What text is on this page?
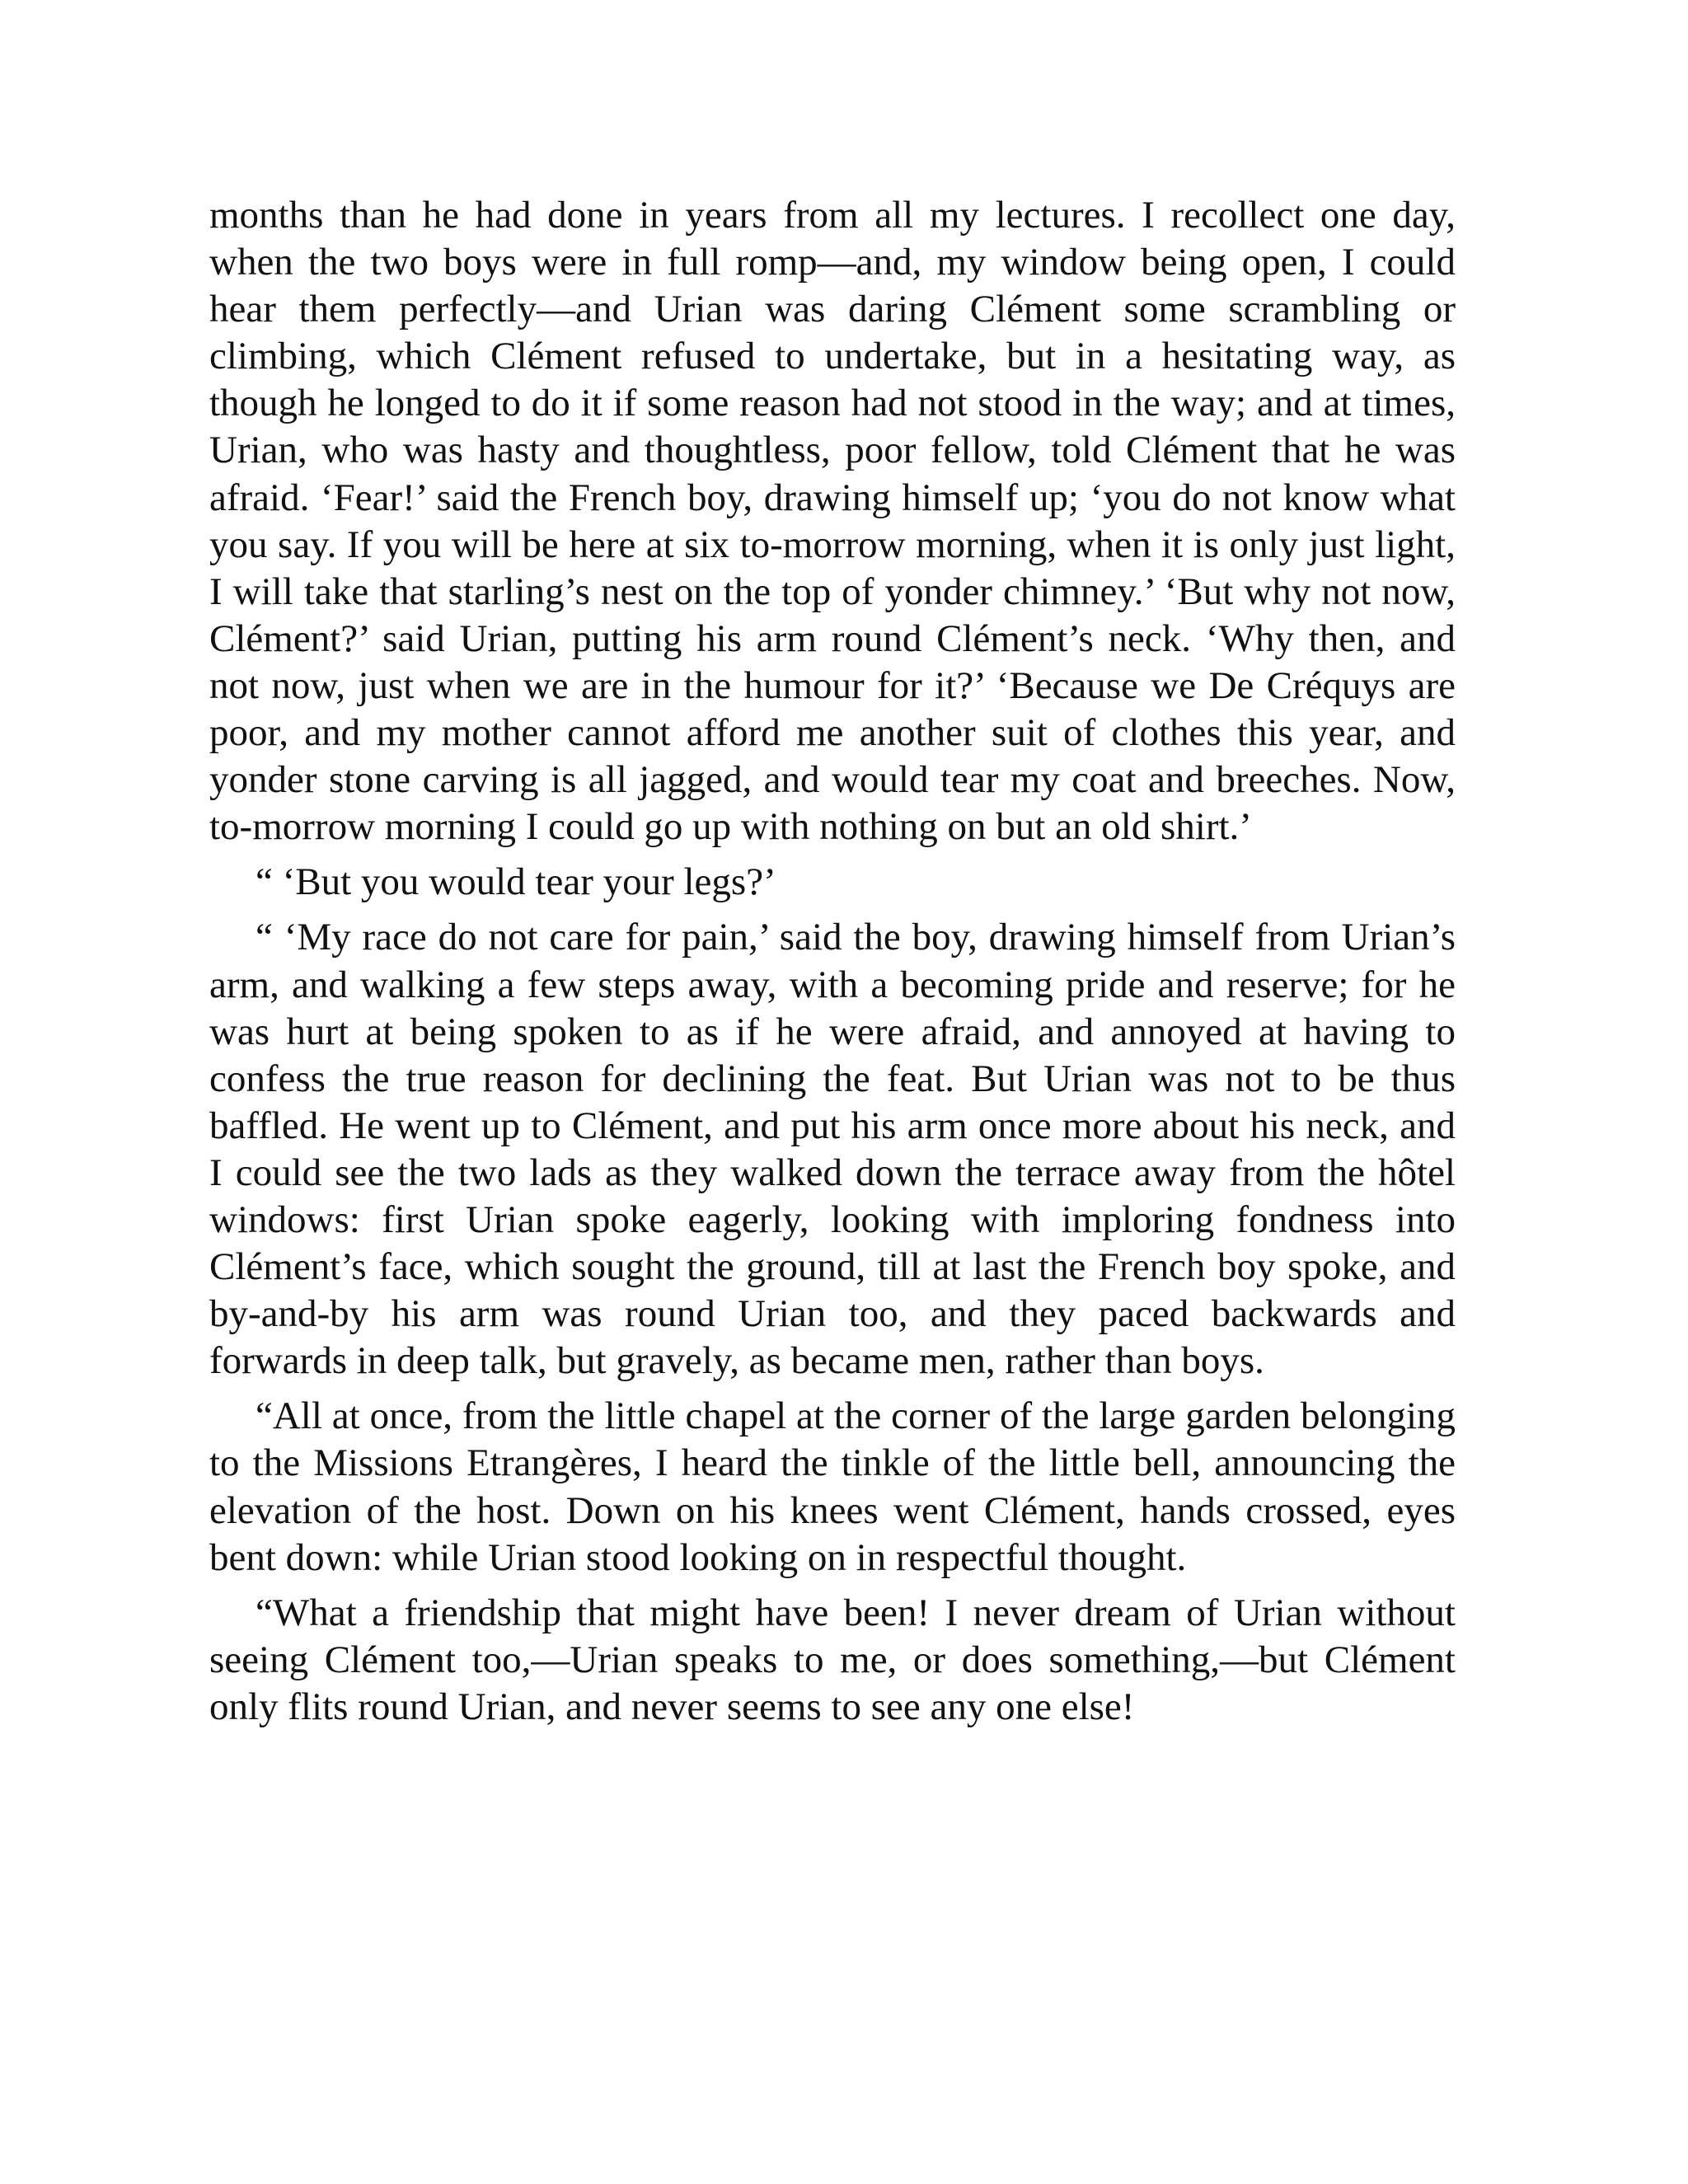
months than he had done in years from all my lectures. I recollect one day, when the two boys were in full romp—and, my window being open, I could hear them perfectly—and Urian was daring Clément some scrambling or climbing, which Clément refused to undertake, but in a hesitating way, as though he longed to do it if some reason had not stood in the way; and at times, Urian, who was hasty and thoughtless, poor fellow, told Clément that he was afraid. ‘Fear!’ said the French boy, drawing himself up; ‘you do not know what you say. If you will be here at six to-morrow morning, when it is only just light, I will take that starling’s nest on the top of yonder chimney.’ ‘But why not now, Clément?’ said Urian, putting his arm round Clément’s neck. ‘Why then, and not now, just when we are in the humour for it?’ ‘Because we De Créquys are poor, and my mother cannot afford me another suit of clothes this year, and yonder stone carving is all jagged, and would tear my coat and breeches. Now, to-morrow morning I could go up with nothing on but an old shirt.’

“ ‘But you would tear your legs?’

“ ‘My race do not care for pain,’ said the boy, drawing himself from Urian’s arm, and walking a few steps away, with a becoming pride and reserve; for he was hurt at being spoken to as if he were afraid, and annoyed at having to confess the true reason for declining the feat. But Urian was not to be thus baffled. He went up to Clément, and put his arm once more about his neck, and I could see the two lads as they walked down the terrace away from the hôtel windows: first Urian spoke eagerly, looking with imploring fondness into Clément’s face, which sought the ground, till at last the French boy spoke, and by-and-by his arm was round Urian too, and they paced backwards and forwards in deep talk, but gravely, as became men, rather than boys.

“All at once, from the little chapel at the corner of the large garden belonging to the Missions Etrangères, I heard the tinkle of the little bell, announcing the elevation of the host. Down on his knees went Clément, hands crossed, eyes bent down: while Urian stood looking on in respectful thought.

“What a friendship that might have been! I never dream of Urian without seeing Clément too,—Urian speaks to me, or does something,—but Clément only flits round Urian, and never seems to see any one else!
